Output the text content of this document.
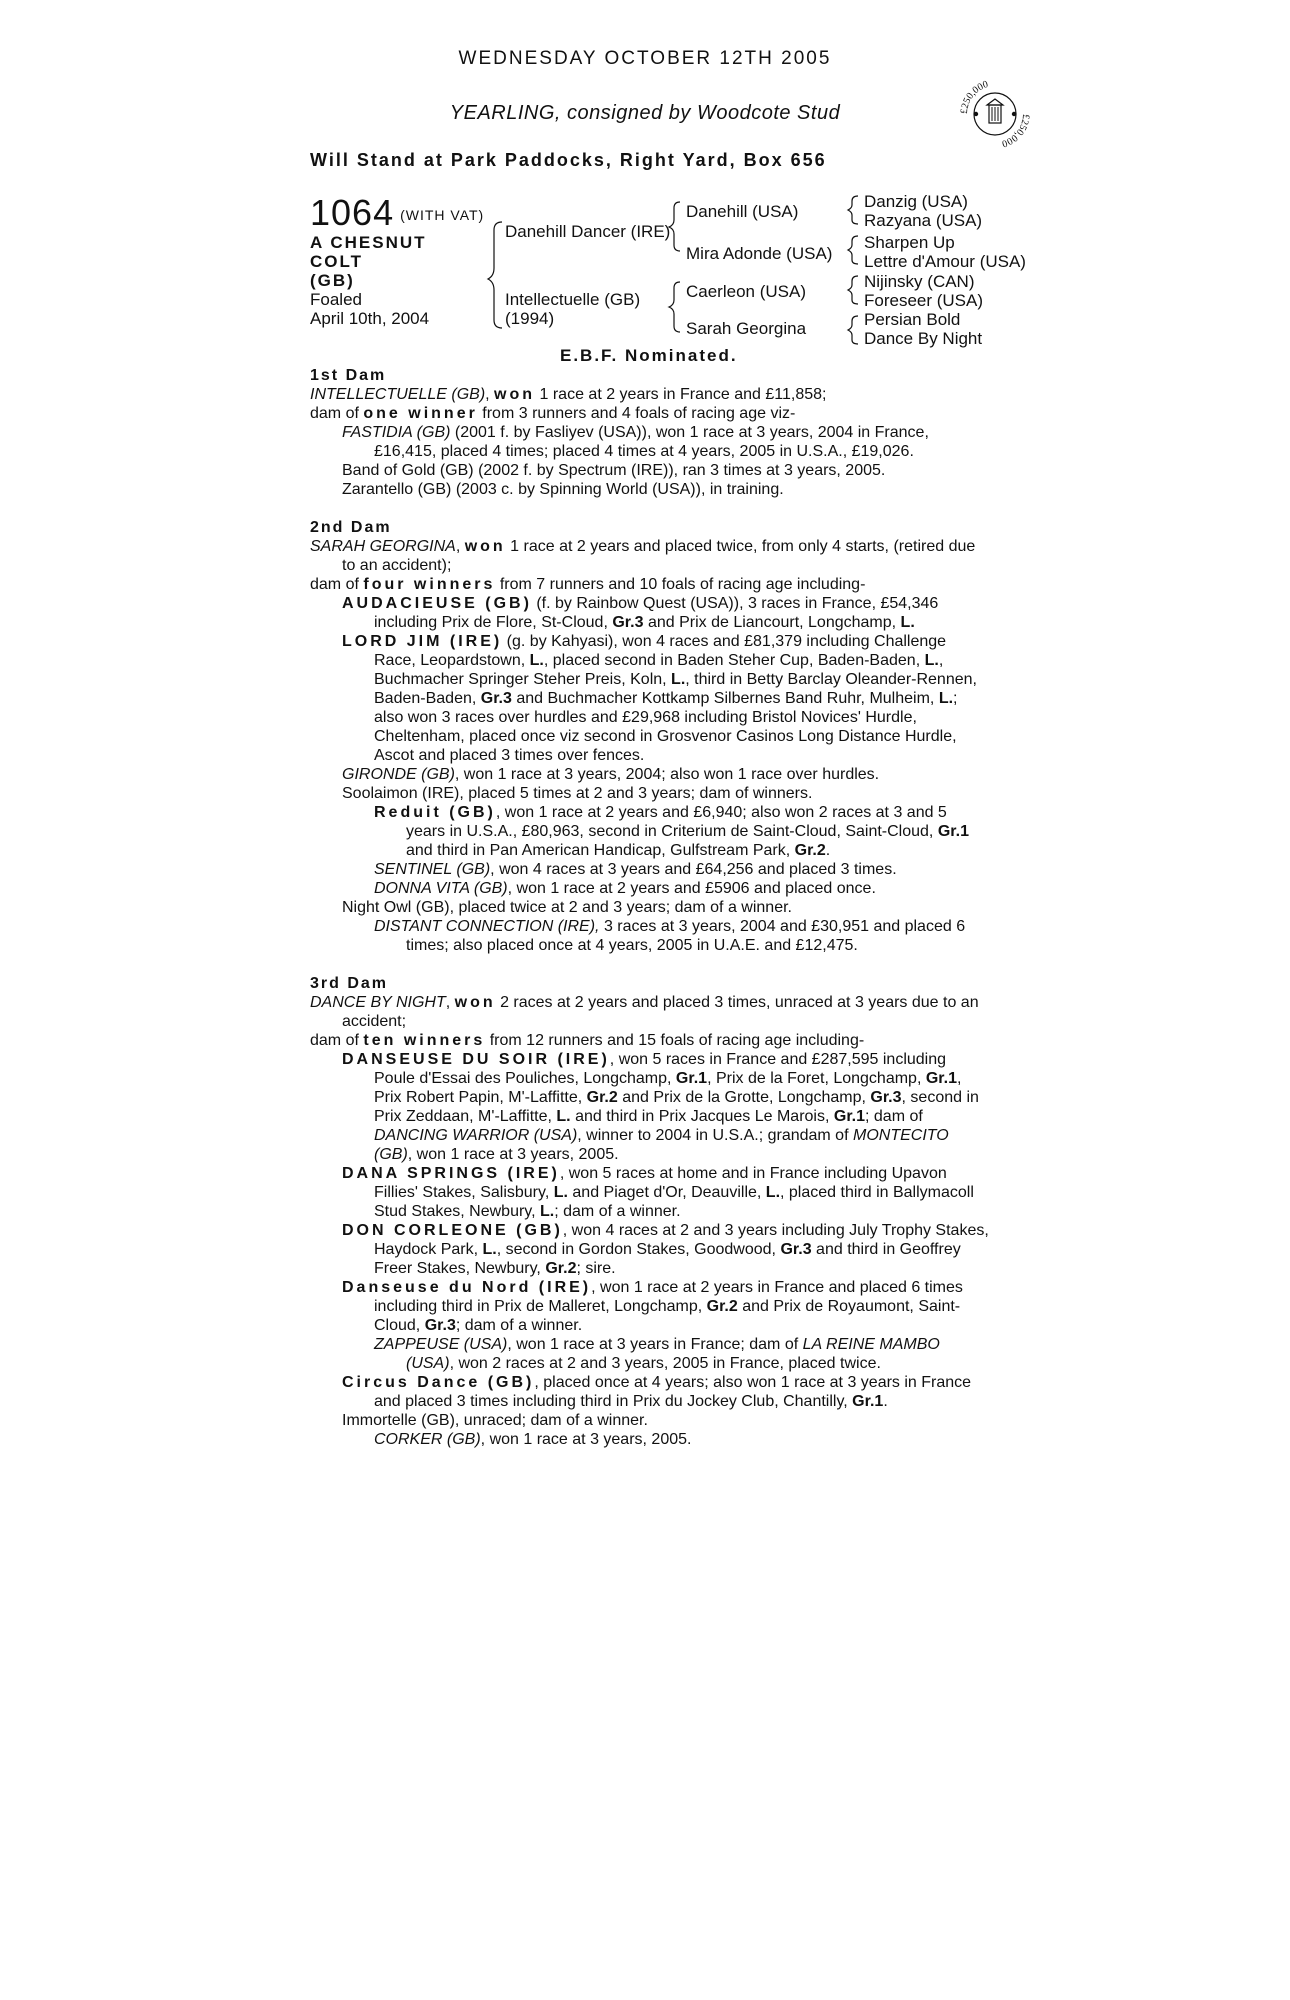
WEDNESDAY OCTOBER 12TH 2005
YEARLING, consigned by Woodcote Stud
Will Stand at Park Paddocks, Right Yard, Box 656
£250,000
£250,000
1064 (WITH VAT)
A CHESNUT COLT
(GB)
Foaled
April 10th, 2004
Danehill Dancer (IRE)
Intellectuelle (GB)
(1994)
Danehill (USA)
Mira Adonde (USA)
Caerleon (USA)
Sarah Georgina
Danzig (USA)
Razyana (USA)
Sharpen Up
Lettre d'Amour (USA)
Nijinsky (CAN)
Foreseer (USA)
Persian Bold
Dance By Night
E.B.F. Nominated.

1st Dam

INTELLECTUELLE (GB), won 1 race at 2 years in France and £11,858;

dam of one winner from 3 runners and 4 foals of racing age viz-

FASTIDIA (GB) (2001 f. by Fasliyev (USA)), won 1 race at 3 years, 2004 in France, £16,415, placed 4 times; placed 4 times at 4 years, 2005 in U.S.A., £19,026.

Band of Gold (GB) (2002 f. by Spectrum (IRE)), ran 3 times at 3 years, 2005.

Zarantello (GB) (2003 c. by Spinning World (USA)), in training.

2nd Dam

SARAH GEORGINA, won 1 race at 2 years and placed twice, from only 4 starts, (retired due to an accident);

dam of four winners from 7 runners and 10 foals of racing age including-

AUDACIEUSE (GB) (f. by Rainbow Quest (USA)), 3 races in France, £54,346 including Prix de Flore, St-Cloud, Gr.3 and Prix de Liancourt, Longchamp, L.

LORD JIM (IRE) (g. by Kahyasi), won 4 races and £81,379 including Challenge Race, Leopardstown, L., placed second in Baden Steher Cup, Baden-Baden, L., Buchmacher Springer Steher Preis, Koln, L., third in Betty Barclay Oleander-Rennen, Baden-Baden, Gr.3 and Buchmacher Kottkamp Silbernes Band Ruhr, Mulheim, L.; also won 3 races over hurdles and £29,968 including Bristol Novices' Hurdle, Cheltenham, placed once viz second in Grosvenor Casinos Long Distance Hurdle, Ascot and placed 3 times over fences.

GIRONDE (GB), won 1 race at 3 years, 2004; also won 1 race over hurdles.

Soolaimon (IRE), placed 5 times at 2 and 3 years; dam of winners.

Reduit (GB), won 1 race at 2 years and £6,940; also won 2 races at 3 and 5 years in U.S.A., £80,963, second in Criterium de Saint-Cloud, Saint-Cloud, Gr.1 and third in Pan American Handicap, Gulfstream Park, Gr.2.

SENTINEL (GB), won 4 races at 3 years and £64,256 and placed 3 times.

DONNA VITA (GB), won 1 race at 2 years and £5906 and placed once.

Night Owl (GB), placed twice at 2 and 3 years; dam of a winner.

DISTANT CONNECTION (IRE), 3 races at 3 years, 2004 and £30,951 and placed 6 times; also placed once at 4 years, 2005 in U.A.E. and £12,475.

3rd Dam

DANCE BY NIGHT, won 2 races at 2 years and placed 3 times, unraced at 3 years due to an accident;

dam of ten winners from 12 runners and 15 foals of racing age including-

DANSEUSE DU SOIR (IRE), won 5 races in France and £287,595 including Poule d'Essai des Pouliches, Longchamp, Gr.1, Prix de la Foret, Longchamp, Gr.1, Prix Robert Papin, M'-Laffitte, Gr.2 and Prix de la Grotte, Longchamp, Gr.3, second in Prix Zeddaan, M'-Laffitte, L. and third in Prix Jacques Le Marois, Gr.1; dam of DANCING WARRIOR (USA), winner to 2004 in U.S.A.; grandam of MONTECITO (GB), won 1 race at 3 years, 2005.

DANA SPRINGS (IRE), won 5 races at home and in France including Upavon Fillies' Stakes, Salisbury, L. and Piaget d'Or, Deauville, L., placed third in Ballymacoll Stud Stakes, Newbury, L.; dam of a winner.

DON CORLEONE (GB), won 4 races at 2 and 3 years including July Trophy Stakes, Haydock Park, L., second in Gordon Stakes, Goodwood, Gr.3 and third in Geoffrey Freer Stakes, Newbury, Gr.2; sire.

Danseuse du Nord (IRE), won 1 race at 2 years in France and placed 6 times including third in Prix de Malleret, Longchamp, Gr.2 and Prix de Royaumont, Saint-Cloud, Gr.3; dam of a winner.

ZAPPEUSE (USA), won 1 race at 3 years in France; dam of LA REINE MAMBO (USA), won 2 races at 2 and 3 years, 2005 in France, placed twice.

Circus Dance (GB), placed once at 4 years; also won 1 race at 3 years in France and placed 3 times including third in Prix du Jockey Club, Chantilly, Gr.1.

Immortelle (GB), unraced; dam of a winner.

CORKER (GB), won 1 race at 3 years, 2005.
